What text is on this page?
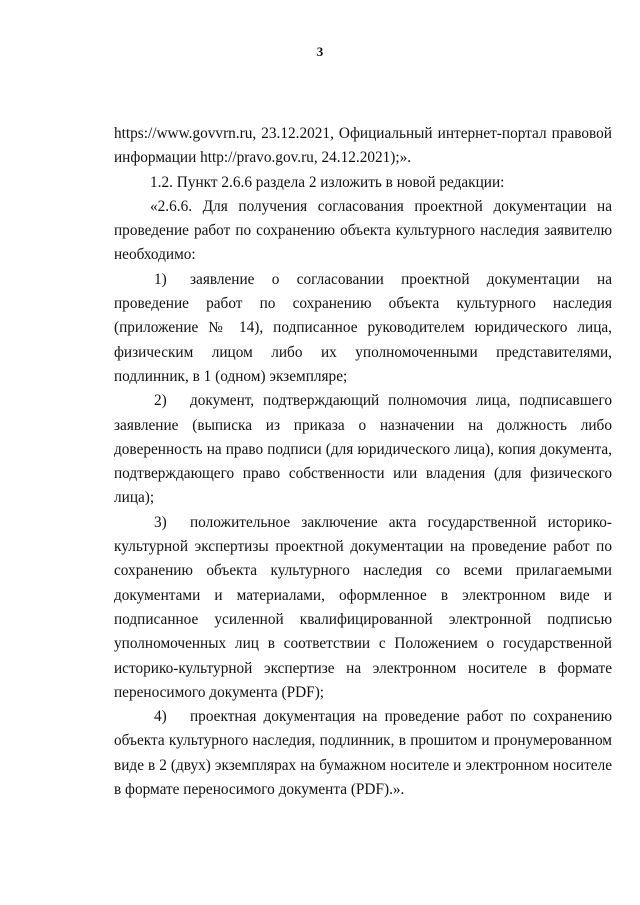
3

https://www.govvrn.ru, 23.12.2021, Официальный интернет-портал правовой информации http://pravo.gov.ru, 24.12.2021);».

1.2. Пункт 2.6.6 раздела 2 изложить в новой редакции:

«2.6.6. Для получения согласования проектной документации на проведение работ по сохранению объекта культурного наследия заявителю необходимо:

1) заявление о согласовании проектной документации на проведение работ по сохранению объекта культурного наследия (приложение № 14), подписанное руководителем юридического лица, физическим лицом либо их уполномоченными представителями, подлинник, в 1 (одном) экземпляре;

2) документ, подтверждающий полномочия лица, подписавшего заявление (выписка из приказа о назначении на должность либо доверенность на право подписи (для юридического лица), копия документа, подтверждающего право собственности или владения (для физического лица);

3) положительное заключение акта государственной историко-культурной экспертизы проектной документации на проведение работ по сохранению объекта культурного наследия со всеми прилагаемыми документами и материалами, оформленное в электронном виде и подписанное усиленной квалифицированной электронной подписью уполномоченных лиц в соответствии с Положением о государственной историко-культурной экспертизе на электронном носителе в формате переносимого документа (PDF);

4) проектная документация на проведение работ по сохранению объекта культурного наследия, подлинник, в прошитом и пронумерованном виде в 2 (двух) экземплярах на бумажном носителе и электронном носителе в формате переносимого документа (PDF).».
